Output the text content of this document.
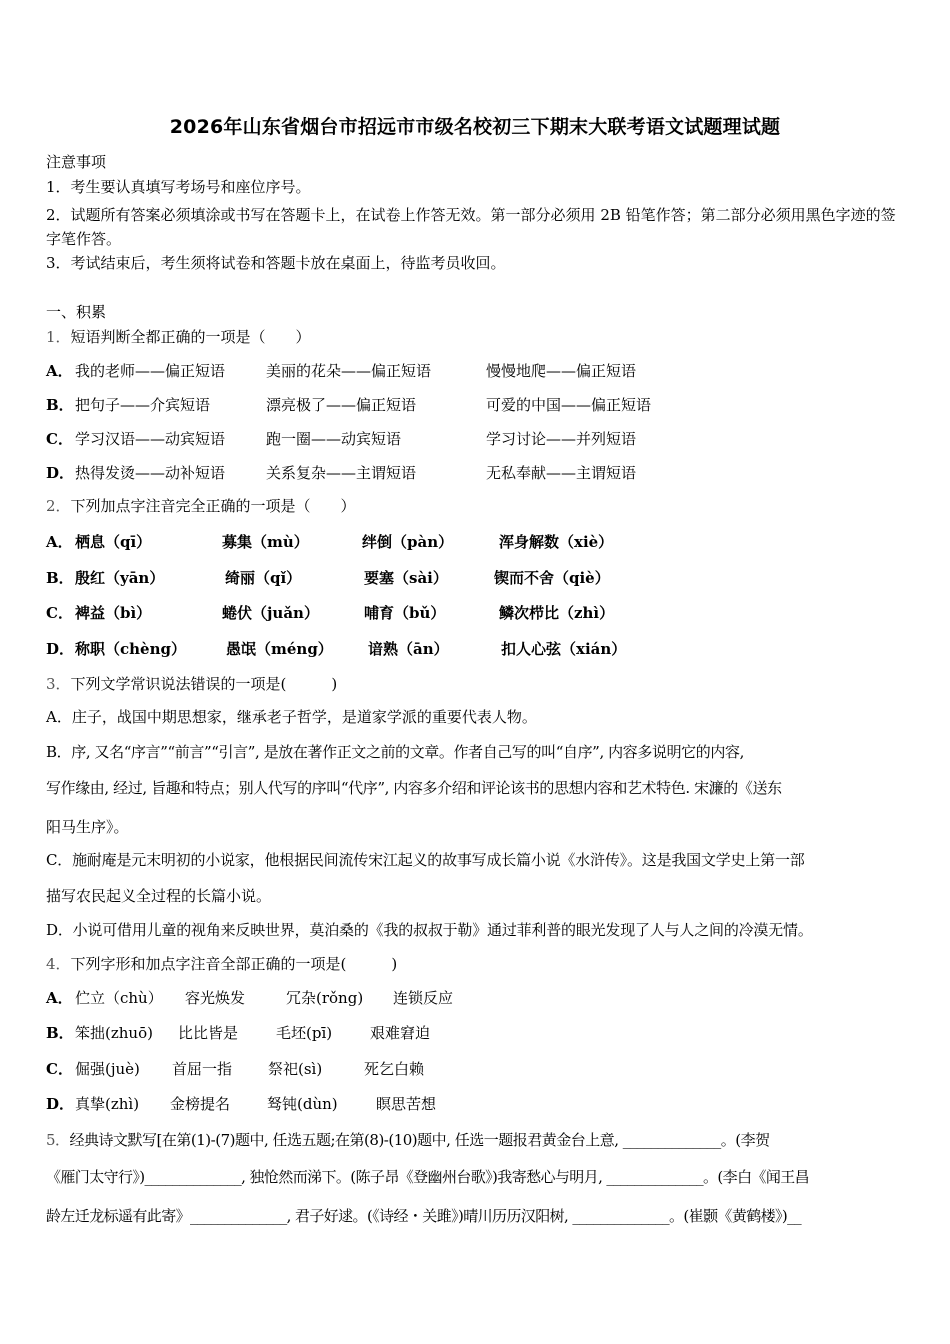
2026年山东省烟台市招远市市级名校初三下期末大联考语文试题理试题
注意事项
1．考生要认真填写考场号和座位序号。
2．试题所有答案必须填涂或书写在答题卡上，在试卷上作答无效。第一部分必须用 2B 铅笔作答；第二部分必须用黑色字迹的签字笔作答。
3．考试结束后，考生须将试卷和答题卡放在桌面上，待监考员收回。
一、积累
1．短语判断全都正确的一项是（　　）
A． 我的老师——偏正短语	美丽的花朵——偏正短语	慢慢地爬——偏正短语
B． 把句子——介宾短语	漂亮极了——偏正短语	可爱的中国——偏正短语
C． 学习汉语——动宾短语	跑一圈——动宾短语	学习讨论——并列短语
D． 热得发烫——动补短语	关系复杂——主谓短语	无私奉献——主谓短语
2．下列加点字注音完全正确的一项是（　　）
A． 栖息（qī）	募集（mù）	绊倒（pàn）	浑身解数（xiè）
B． 殷红（yān）	绮丽（qǐ）	要塞（sài）	锲而不舍（qiè）
C． 裨益（bì）	蜷伏（juǎn）	哺育（bǔ）	鳞次栉比（zhì）
D． 称职（chèng）	愚氓（méng） 谙熟（ān）	扣人心弦（xián）
3．下列文学常识说法错误的一项是(　　　)
A．庄子，战国中期思想家，继承老子哲学，是道家学派的重要代表人物。
B．序, 又名“序言”“前言”“引言”, 是放在著作正文之前的文章。作者自己写的叫“自序”, 内容多说明它的内容,
写作缘由, 经过, 旨趣和特点；别人代写的序叫“代序”, 内容多介绍和评论该书的思想内容和艺术特色. 宋濂的《送东
阳马生序》。
C．施耐庵是元末明初的小说家，他根据民间流传宋江起义的故事写成长篇小说《水浒传》。这是我国文学史上第一部
描写农民起义全过程的长篇小说。
D．小说可借用儿童的视角来反映世界，莫泊桑的《我的叔叔于勒》通过菲利普的眼光发现了人与人之间的冷漠无情。
4．下列字形和加点字注音全部正确的一项是(　　　)
A． 伫立（chù） 容光焕发	冗杂(rǒng) 连锁反应
B． 笨拙(zhuō) 比比皆是	毛坯(pī)	艰难窘迫
C． 倔强(juè) 首屈一指 祭祀(sì)	死乞白赖
D． 真挚(zhì) 金榜提名 驽钝(dùn)	瞑思苦想
5．经典诗文默写[在第(1)-(7)题中, 任选五题;在第(8)-(10)题中, 任选一题报君黄金台上意, ______________。(李贺
《雁门太守行》)______________, 独怆然而涕下。(陈子昂《登幽州台歌》)我寄愁心与明月, ______________。(李白《闻王昌
龄左迁龙标遥有此寄》______________, 君子好逑。(《诗经・关雎》)晴川历历汉阳树, ______________。(崔颢《黄鹤楼》)__
